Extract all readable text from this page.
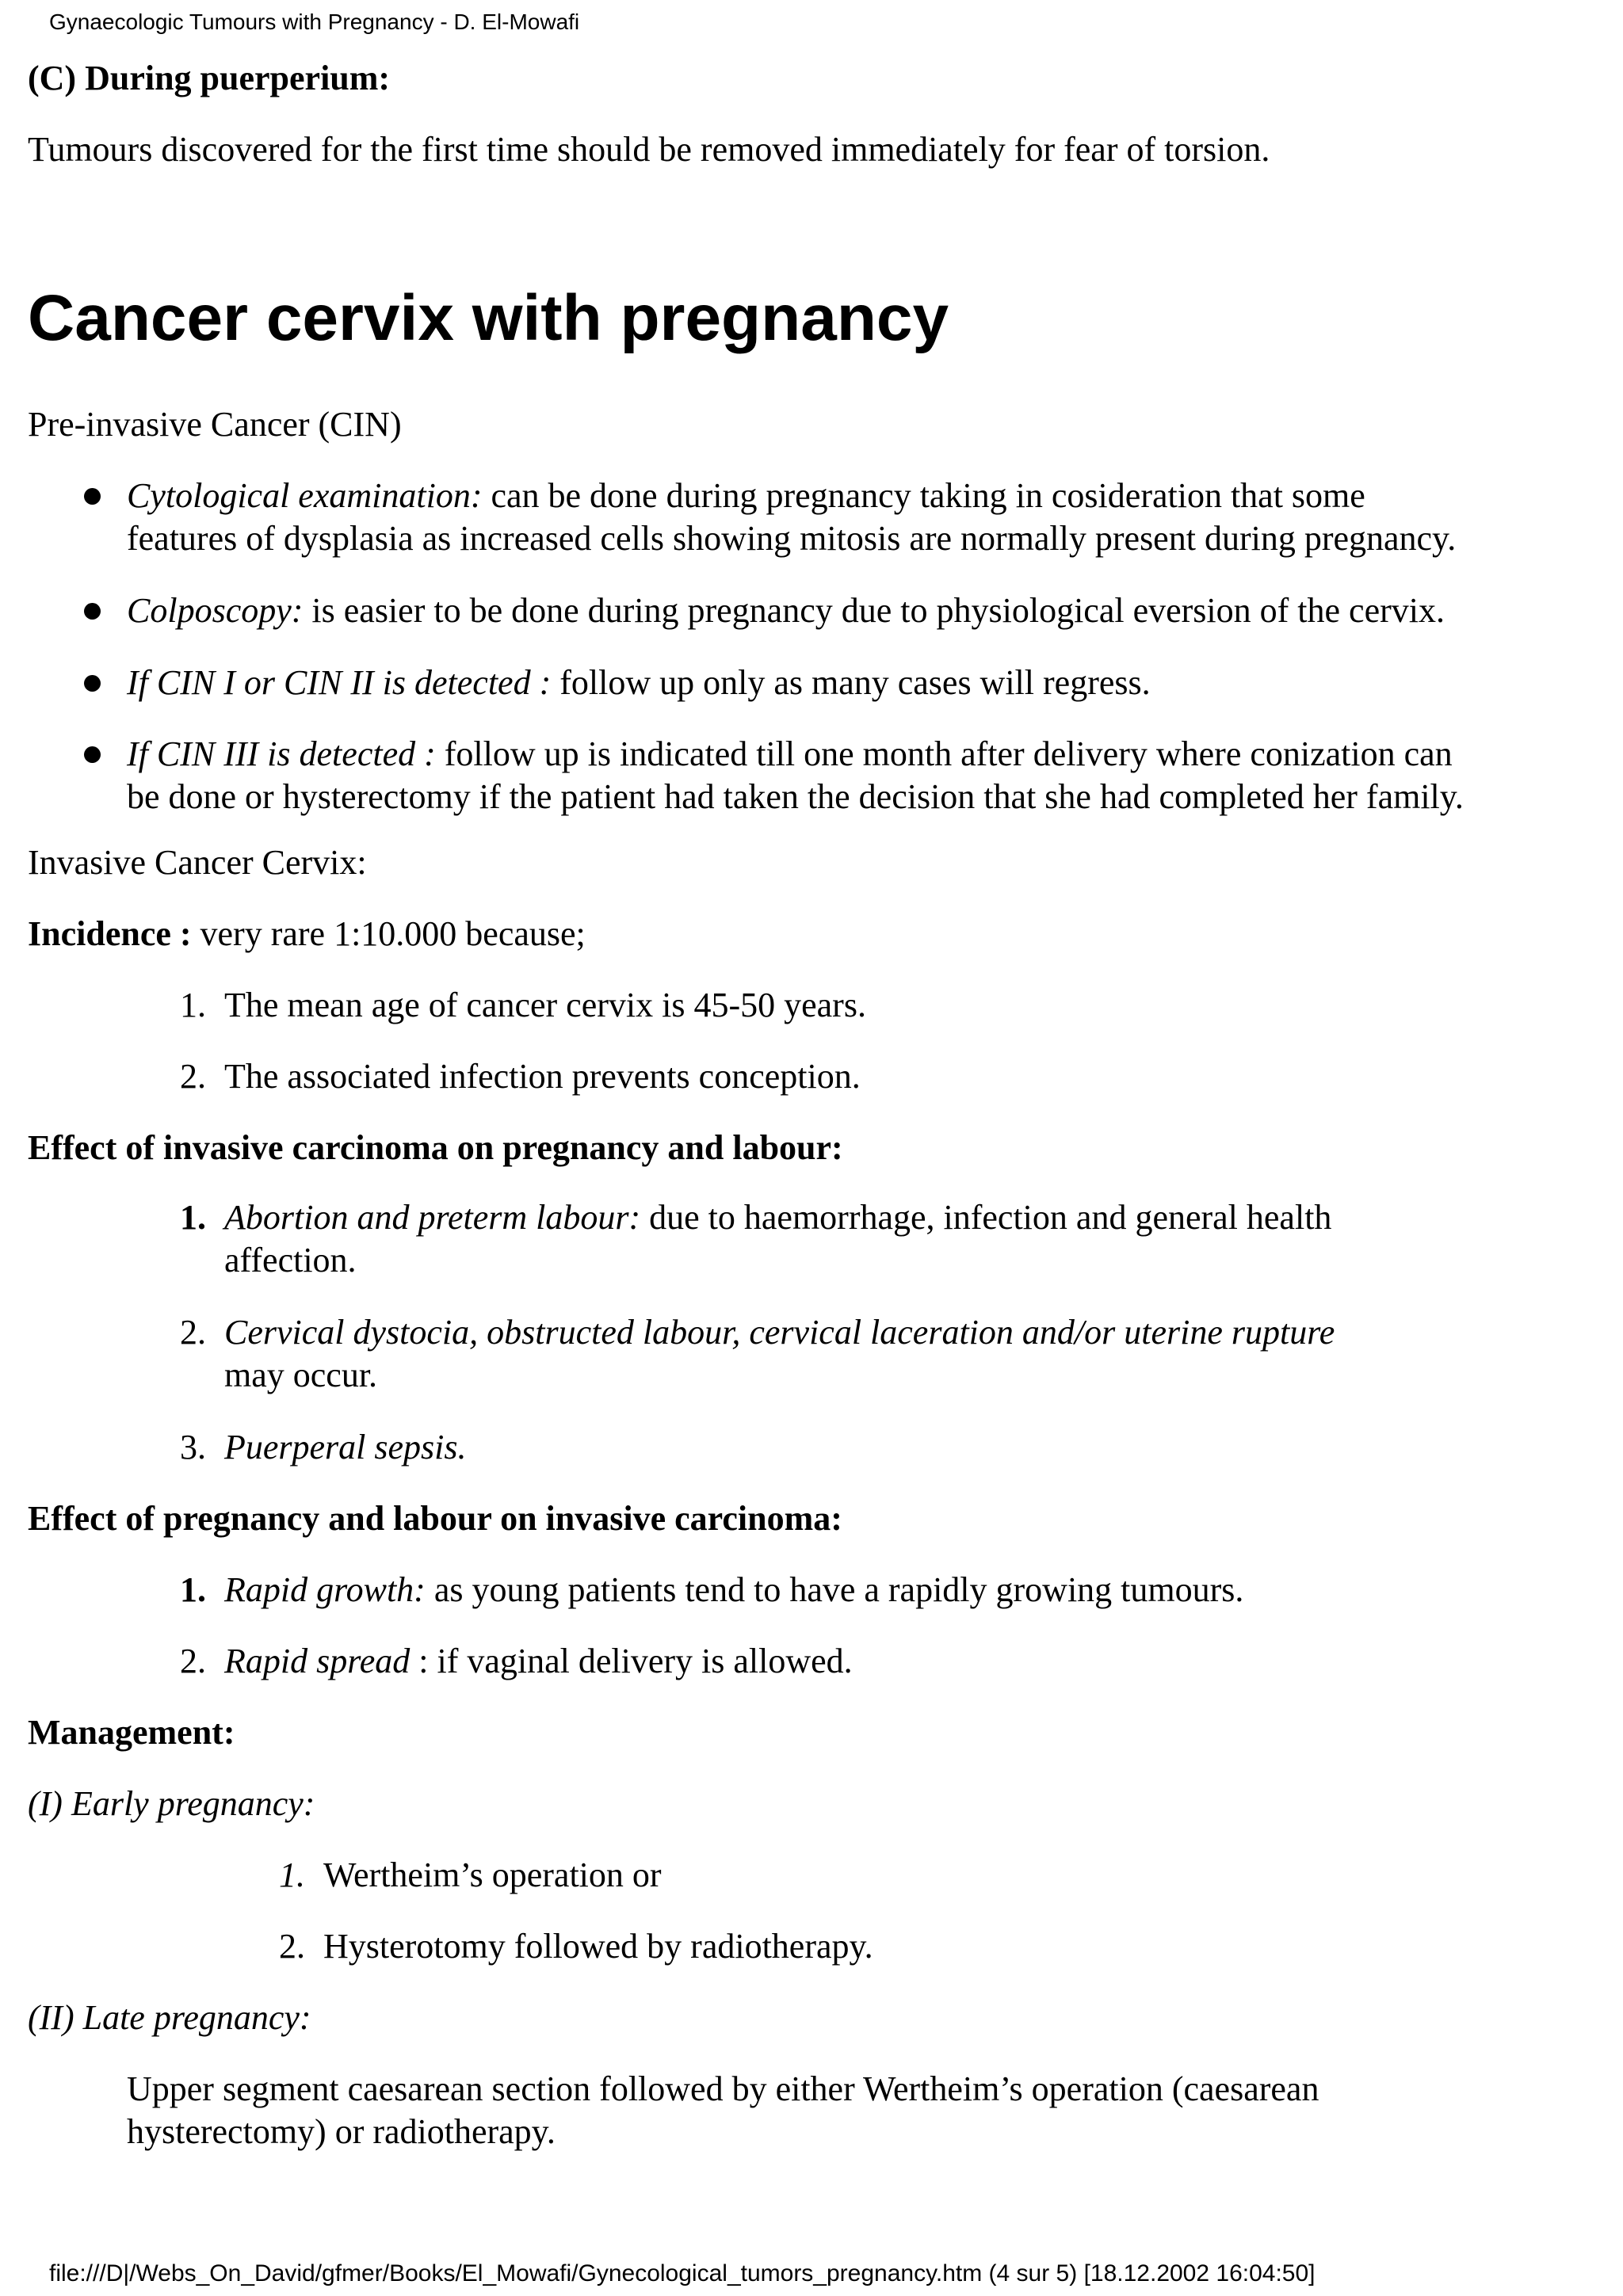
Gynaecologic Tumours with Pregnancy - D. El-Mowafi
(C) During puerperium:
Tumours discovered for the first time should be removed immediately for fear of torsion.
Cancer cervix with pregnancy
Pre-invasive Cancer (CIN)
Cytological examination: can be done during pregnancy taking in cosideration that some
features of dysplasia as increased cells showing mitosis are normally present during pregnancy.
Colposcopy: is easier to be done during pregnancy due to physiological eversion of the cervix.
If CIN I or CIN II is detected : follow up only as many cases will regress.
If CIN III is detected : follow up is indicated till one month after delivery where conization can
be done or hysterectomy if the patient had taken the decision that she had completed her family.
Invasive Cancer Cervix:
Incidence : very rare 1:10.000 because;
1. The mean age of cancer cervix is 45-50 years.
2. The associated infection prevents conception.
Effect of invasive carcinoma on pregnancy and labour:
1. Abortion and preterm labour: due to haemorrhage, infection and general health
affection.
2. Cervical dystocia, obstructed labour, cervical laceration and/or uterine rupture
may occur.
3. Puerperal sepsis.
Effect of pregnancy and labour on invasive carcinoma:
1. Rapid growth: as young patients tend to have a rapidly growing tumours.
2. Rapid spread : if vaginal delivery is allowed.
Management:
(I) Early pregnancy:
1. Wertheim’s operation or
2. Hysterotomy followed by radiotherapy.
(II) Late pregnancy:
Upper segment caesarean section followed by either Wertheim’s operation (caesarean
hysterectomy) or radiotherapy.
file:///D|/Webs_On_David/gfmer/Books/El_Mowafi/Gynecological_tumors_pregnancy.htm (4 sur 5) [18.12.2002 16:04:50]
